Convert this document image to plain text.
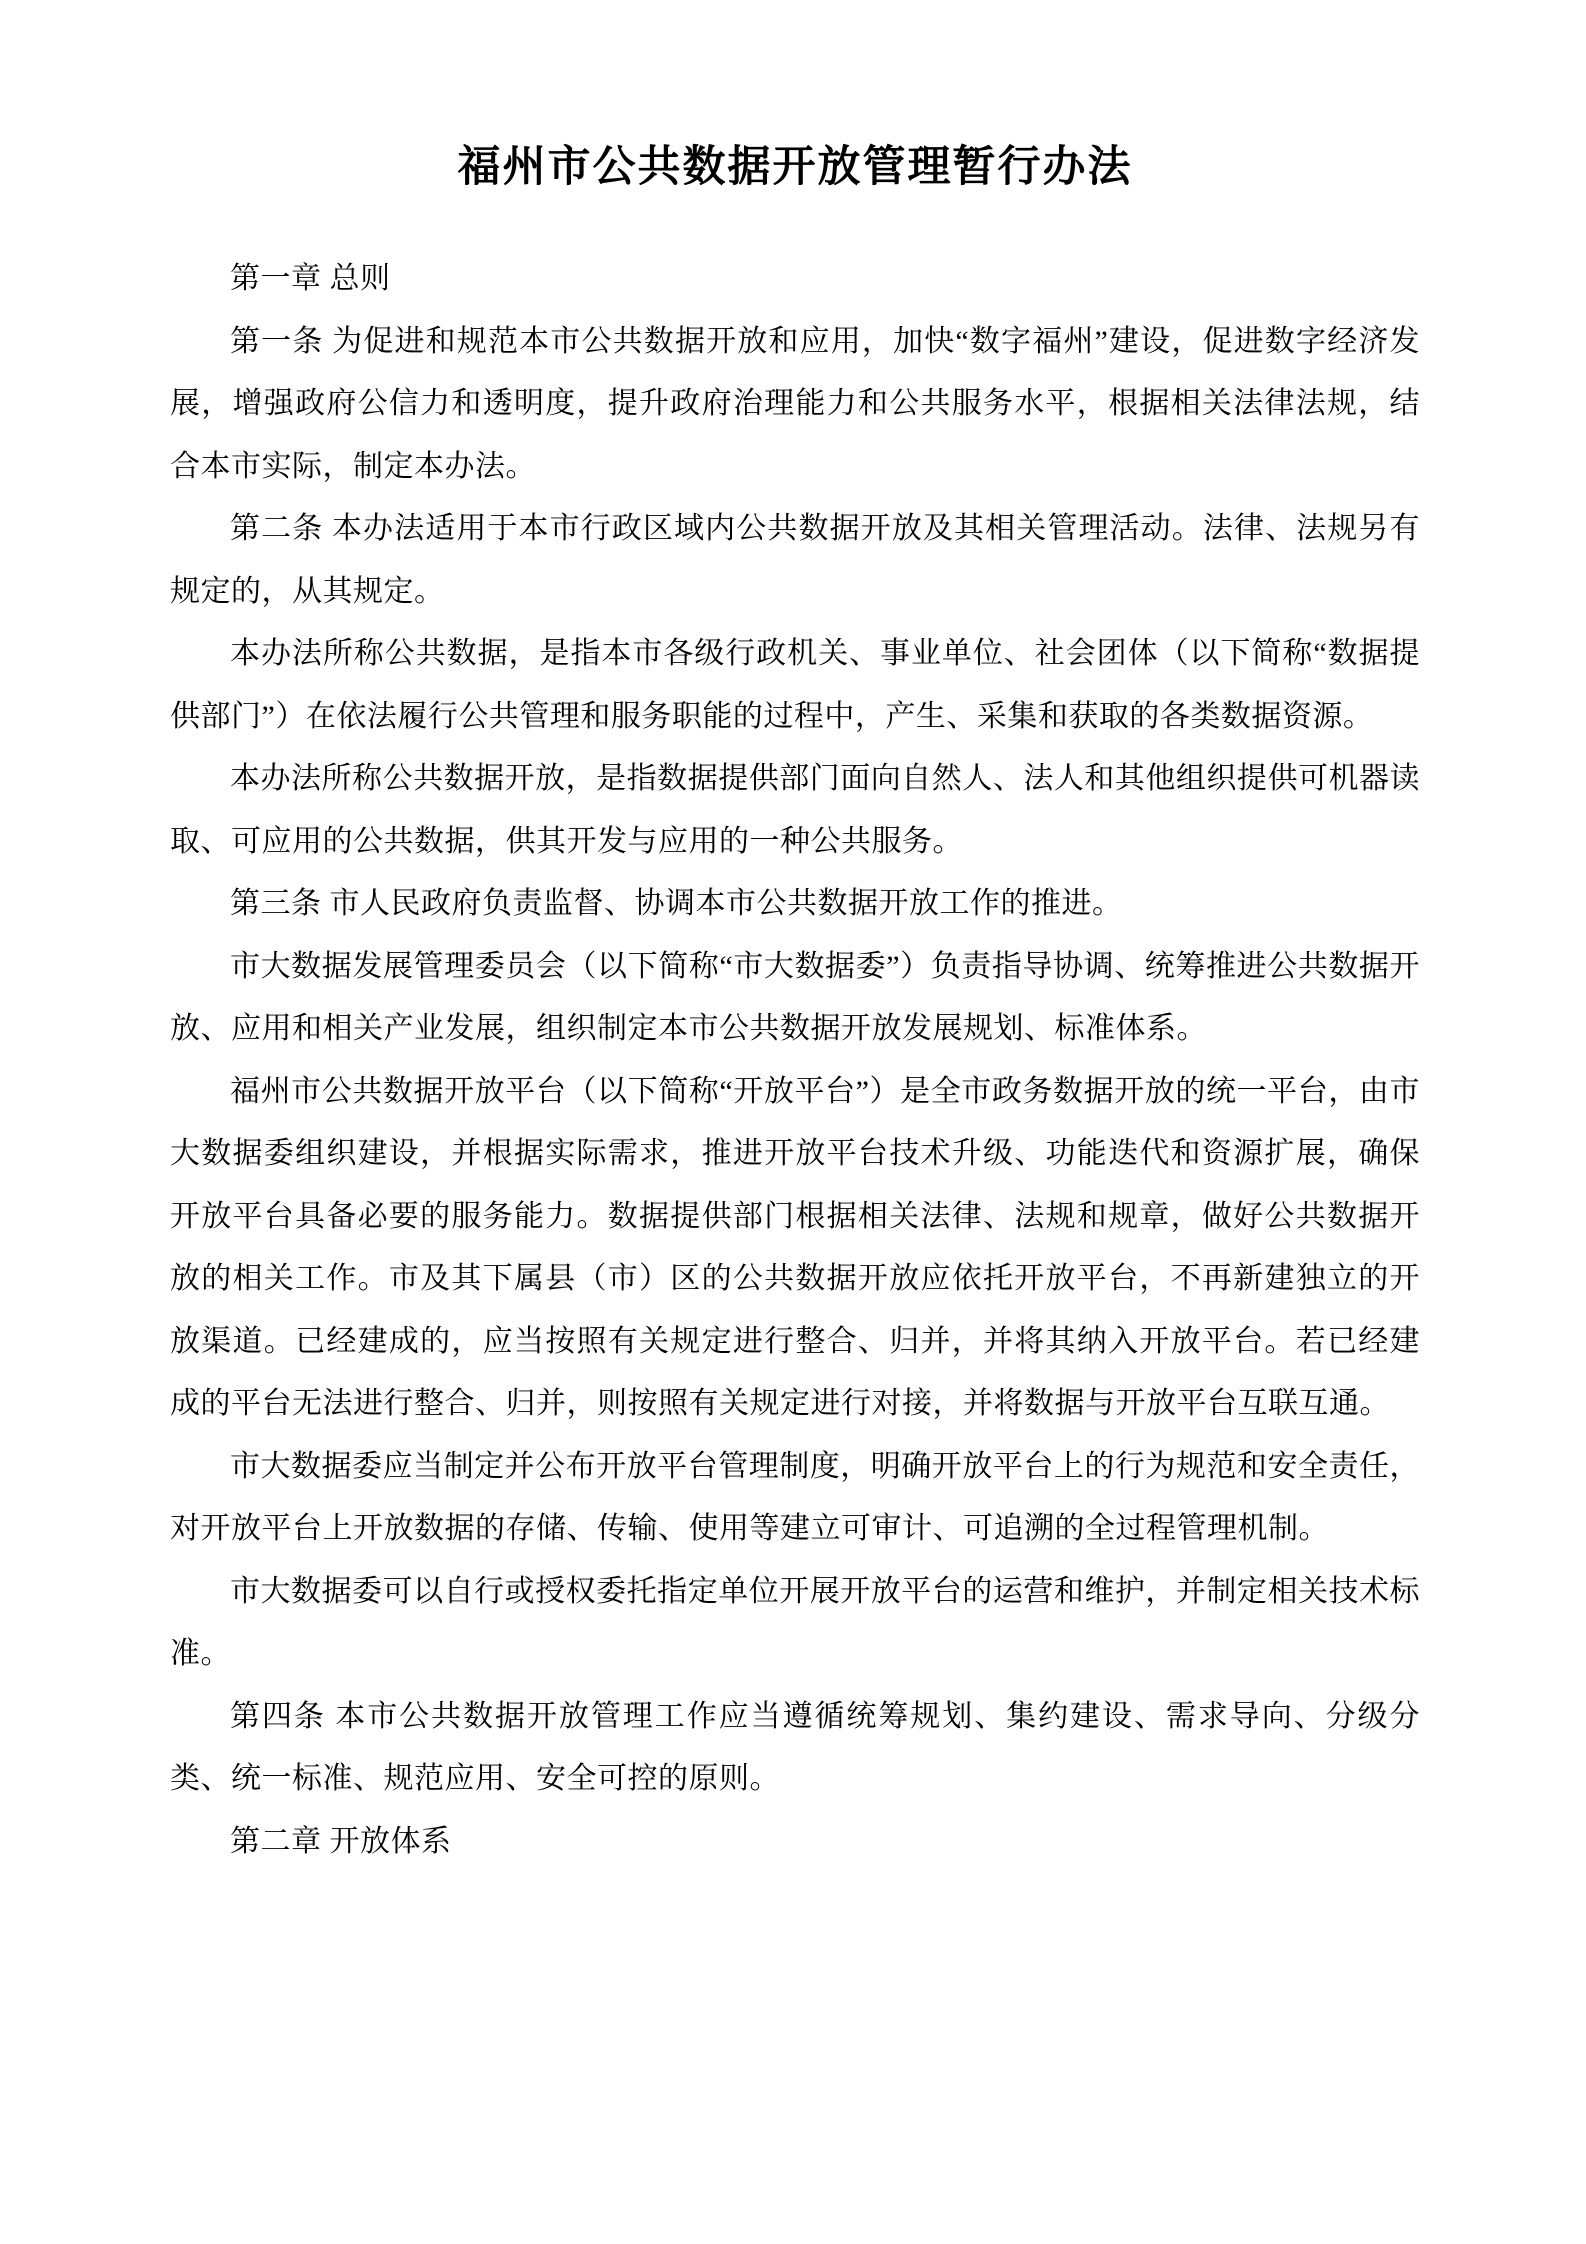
福州市公共数据开放管理暂行办法

第一章 总则

第一条 为促进和规范本市公共数据开放和应用，加快“数字福州”建设，促进数字经济发展，增强政府公信力和透明度，提升政府治理能力和公共服务水平，根据相关法律法规，结合本市实际，制定本办法。

第二条 本办法适用于本市行政区域内公共数据开放及其相关管理活动。法律、法规另有规定的，从其规定。

本办法所称公共数据，是指本市各级行政机关、事业单位、社会团体（以下简称“数据提供部门”）在依法履行公共管理和服务职能的过程中，产生、采集和获取的各类数据资源。

本办法所称公共数据开放，是指数据提供部门面向自然人、法人和其他组织提供可机器读取、可应用的公共数据，供其开发与应用的一种公共服务。

第三条 市人民政府负责监督、协调本市公共数据开放工作的推进。

市大数据发展管理委员会（以下简称“市大数据委”）负责指导协调、统筹推进公共数据开放、应用和相关产业发展，组织制定本市公共数据开放发展规划、标准体系。

福州市公共数据开放平台（以下简称“开放平台”）是全市政务数据开放的统一平台，由市大数据委组织建设，并根据实际需求，推进开放平台技术升级、功能迭代和资源扩展，确保开放平台具备必要的服务能力。数据提供部门根据相关法律、法规和规章，做好公共数据开放的相关工作。市及其下属县（市）区的公共数据开放应依托开放平台，不再新建独立的开放渠道。已经建成的，应当按照有关规定进行整合、归并，并将其纳入开放平台。若已经建成的平台无法进行整合、归并，则按照有关规定进行对接，并将数据与开放平台互联互通。

市大数据委应当制定并公布开放平台管理制度，明确开放平台上的行为规范和安全责任，对开放平台上开放数据的存储、传输、使用等建立可审计、可追溯的全过程管理机制。

市大数据委可以自行或授权委托指定单位开展开放平台的运营和维护，并制定相关技术标准。

第四条 本市公共数据开放管理工作应当遵循统筹规划、集约建设、需求导向、分级分类、统一标准、规范应用、安全可控的原则。

第二章 开放体系
